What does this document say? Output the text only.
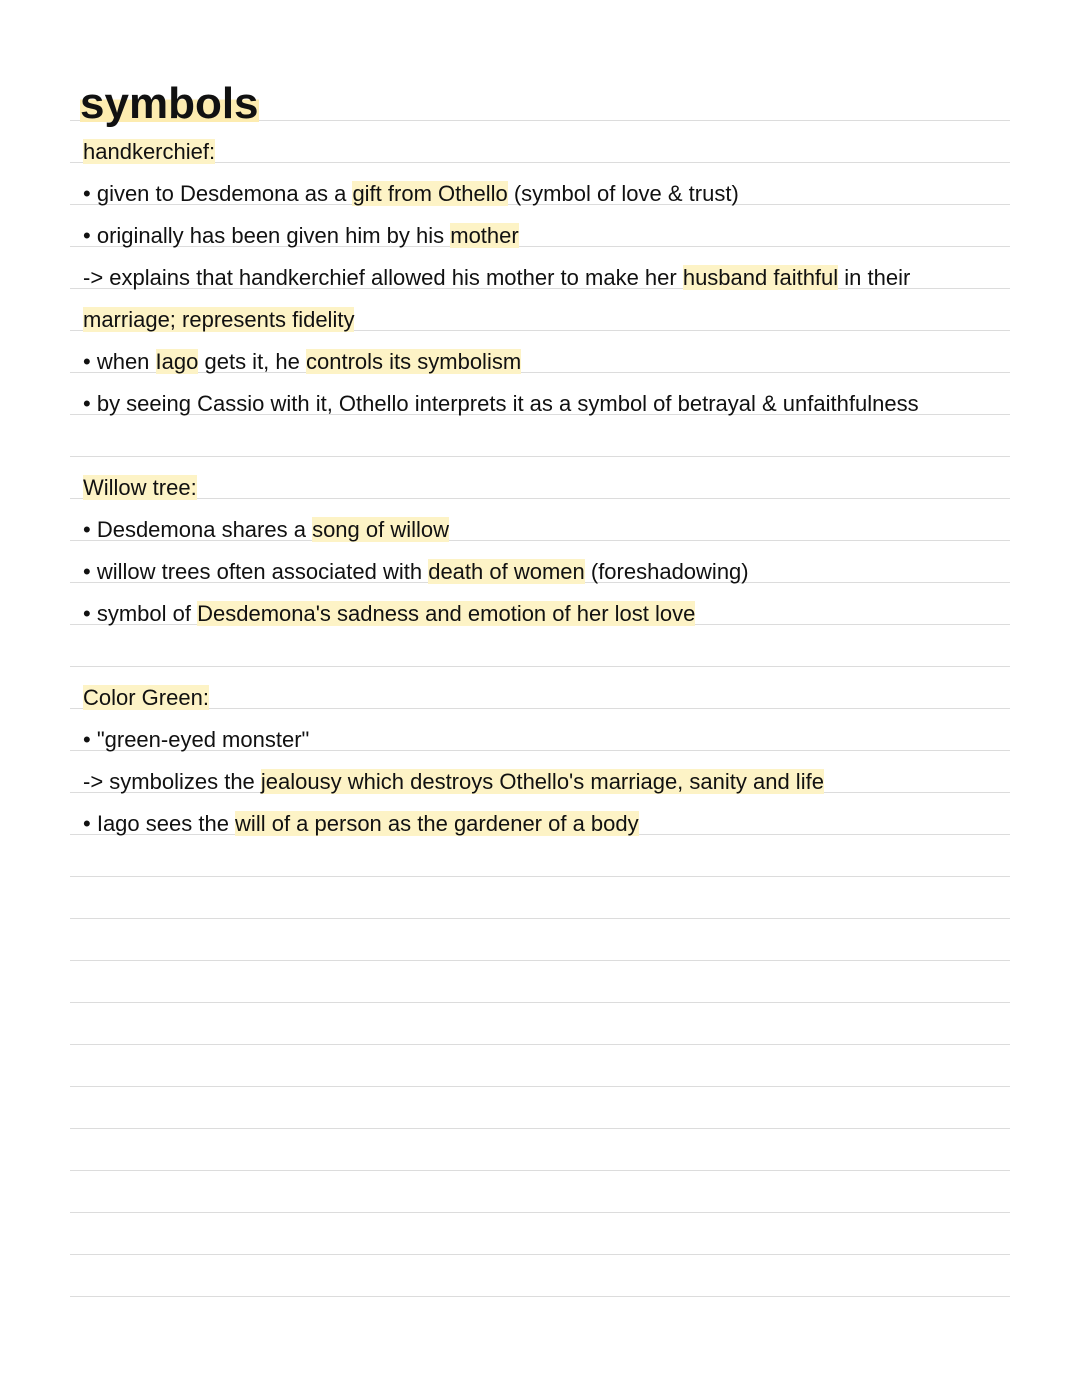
symbols
handkerchief:
• given to Desdemona as a gift from Othello (symbol of love & trust)
• originally has been given him by his mother
-> explains that handkerchief allowed his mother to make her husband faithful in their
marriage; represents fidelity
• when Iago gets it, he controls its symbolism
• by seeing Cassio with it, Othello interprets it as a symbol of betrayal & unfaithfulness
Willow tree:
• Desdemona shares a song of willow
• willow trees often associated with death of women (foreshadowing)
• symbol of Desdemona's sadness and emotion of her lost love
Color Green:
• "green-eyed monster"
-> symbolizes the jealousy which destroys Othello's marriage, sanity and life
• Iago sees the will of a person as the gardener of a body
